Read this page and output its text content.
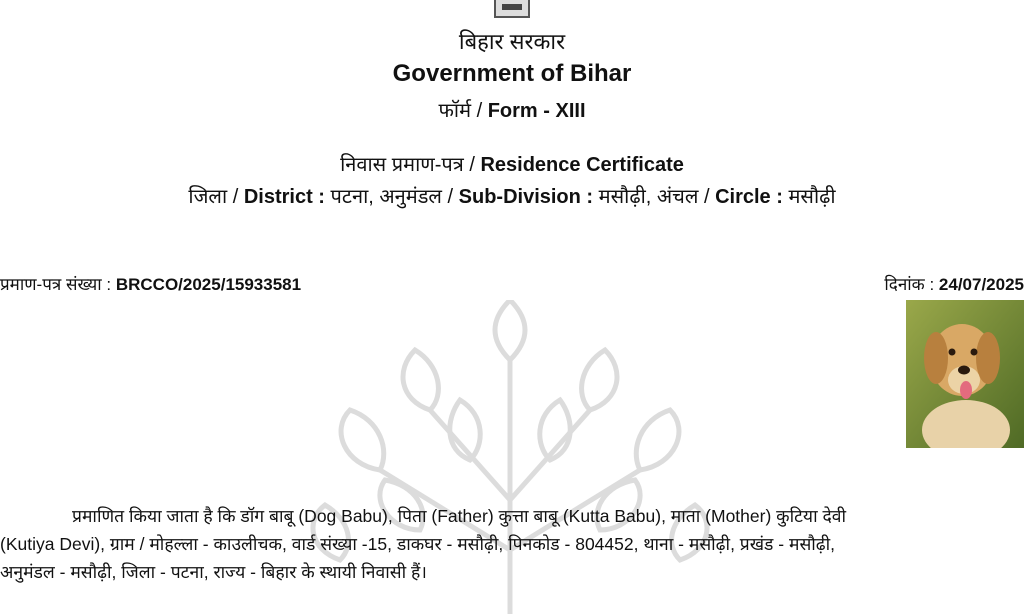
बिहार सरकार
Government of Bihar
फॉर्म / Form - XIII
निवास प्रमाण-पत्र / Residence Certificate
जिला / District : पटना, अनुमंडल / Sub-Division : मसौढ़ी, अंचल / Circle : मसौढ़ी
प्रमाण-पत्र संख्या : BRCCO/2025/15933581	दिनांक : 24/07/2025
प्रमाणित किया जाता है कि डॉग बाबू (Dog Babu), पिता (Father) कुत्ता बाबू (Kutta Babu), माता (Mother) कुटिया देवी
(Kutiya Devi), ग्राम / मोहल्ला - काउलीचक, वार्ड संख्या -15, डाकघर - मसौढ़ी, पिनकोड - 804452, थाना - मसौढ़ी, प्रखंड - मसौढ़ी,
अनुमंडल - मसौढ़ी, जिला - पटना, राज्य - बिहार के स्थायी निवासी हैं।
